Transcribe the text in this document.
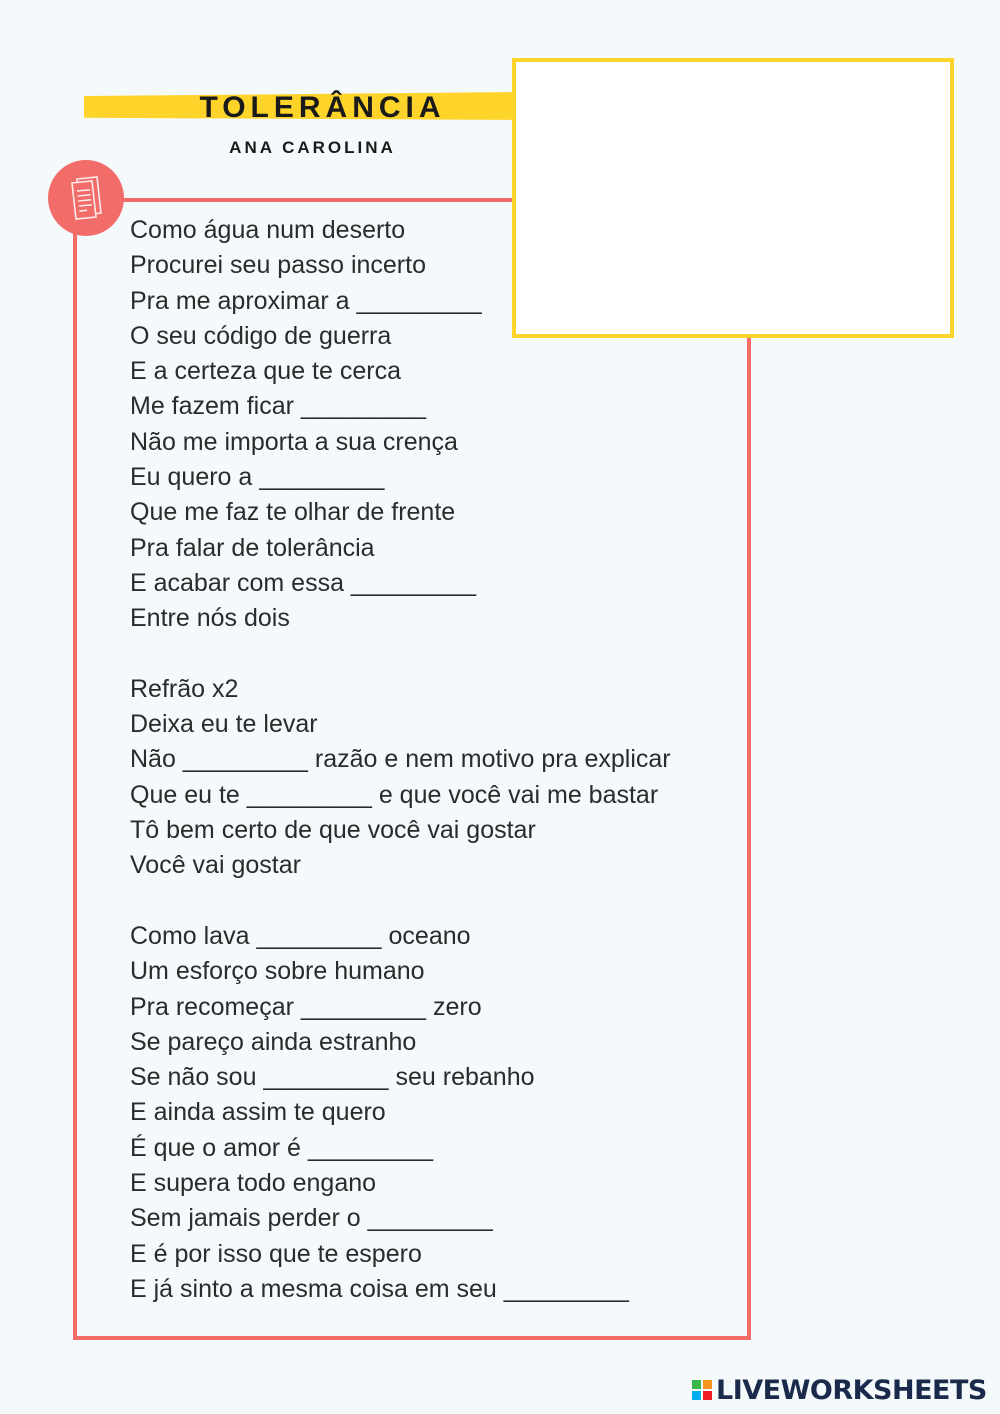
TOLERÂNCIA
ANA CAROLINA
Como água num deserto
Procurei seu passo incerto
Pra me aproximar a _________
O seu código de guerra
E a certeza que te cerca
Me fazem ficar _________
Não me importa a sua crença
Eu quero a _________
Que me faz te olhar de frente
Pra falar de tolerância
E acabar com essa _________
Entre nós dois
Refrão x2
Deixa eu te levar
Não _________ razão e nem motivo pra explicar
Que eu te _________ e que você vai me bastar
Tô bem certo de que você vai gostar
Você vai gostar
Como lava _________ oceano
Um esforço sobre humano
Pra recomeçar _________ zero
Se pareço ainda estranho
Se não sou _________ seu rebanho
E ainda assim te quero
É que o amor é _________
E supera todo engano
Sem jamais perder o _________
E é por isso que te espero
E já sinto a mesma coisa em seu _________
LIVEWORKSHEETS
